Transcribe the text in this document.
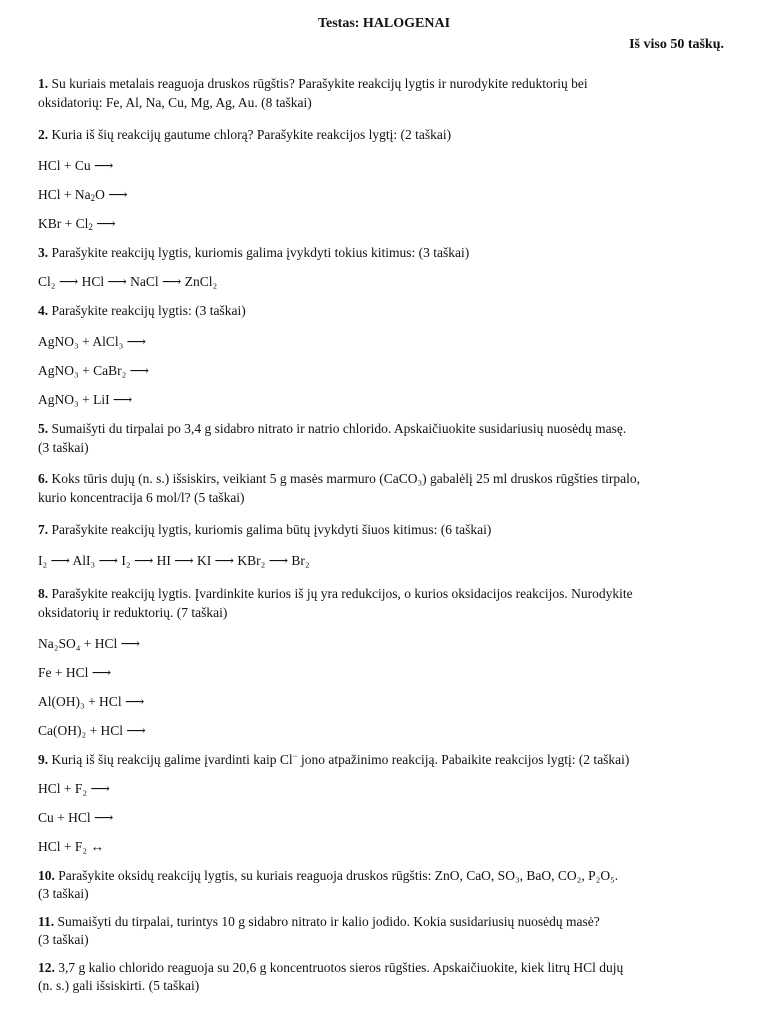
Testas: HALOGENAI
Iš viso 50 taškų.
1. Su kuriais metalais reaguoja druskos rūgštis? Parašykite reakcijų lygtis ir nurodykite reduktorių bei
oksidatorių: Fe, Al, Na, Cu, Mg, Ag, Au. (8 taškai)
2. Kuria iš šių reakcijų gautume chlorą? Parašykite reakcijos lygtį: (2 taškai)
HCl + Cu ⟶
HCl + $Na_2O$ ⟶
KBr + $Cl_2$ ⟶
3. Parašykite reakcijų lygtis, kuriomis galima įvykdyti tokius kitimus: (3 taškai)
Cl₂ ⟶ HCl ⟶ NaCl ⟶ ZnCl₂
4. Parašykite reakcijų lygtis: (3 taškai)
AgNO₃ + AlCl₃ ⟶
AgNO₃ + CaBr₂ ⟶
AgNO₃ + LiI ⟶
5. Sumaišyti du tirpalai po 3,4 g sidabro nitrato ir natrio chlorido. Apskaičiuokite susidariusių nuosėdų masę.
(3 taškai)
6. Koks tūris dujų (n. s.) išsiskirs, veikiant 5 g masės marmuro (CaCO₃) gabalėlį 25 ml druskos rūgšties tirpalo,
kurio koncentracija 6 mol/l? (5 taškai)
7. Parašykite reakcijų lygtis, kuriomis galima būtų įvykdyti šiuos kitimus: (6 taškai)
I₂ ⟶ AlI₃ ⟶ I₂ ⟶ HI ⟶ KI ⟶ KBr₂ ⟶ Br₂
8. Parašykite reakcijų lygtis. Įvardinkite kurios iš jų yra redukcijos, o kurios oksidacijos reakcijos. Nurodykite
oksidatorių ir reduktorių. (7 taškai)
Na₂SO₄ + HCl ⟶
Fe + HCl ⟶
Al(OH)₃ + HCl ⟶
Ca(OH)₂ + HCl ⟶
9. Kurią iš šių reakcijų galime įvardinti kaip Cl− jono atpažinimo reakciją. Pabaikite reakcijos lygtį: (2 taškai)
HCl + F₂ ⟶
Cu + HCl ⟶
HCl + F₂ ↔
10. Parašykite oksidų reakcijų lygtis, su kuriais reaguoja druskos rūgštis: ZnO, CaO, SO₃, BaO, CO₂, P₂O₅.
(3 taškai)
11. Sumaišyti du tirpalai, turintys 10 g sidabro nitrato ir kalio jodido. Kokia susidariusių nuosėdų masė?
(3 taškai)
12. 3,7 g kalio chlorido reaguoja su 20,6 g koncentruotos sieros rūgšties. Apskaičiuokite, kiek litrų HCl dujų
(n. s.) gali išsiskirti. (5 taškai)
